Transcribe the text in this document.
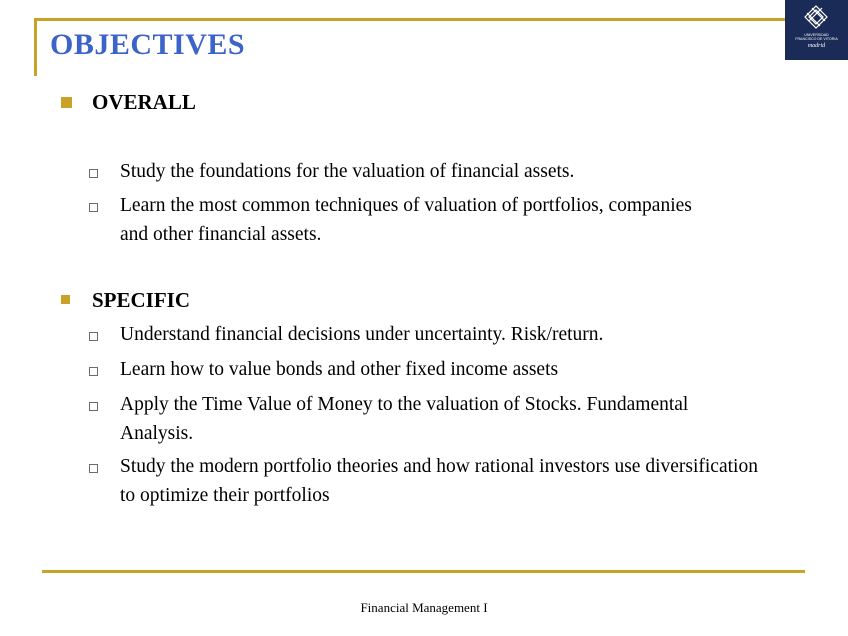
OBJECTIVES	UNIVERSIDAD
FRANCISCO DE VITORIA
madrid
OVERALL
Study the foundations for the valuation of financial assets.
Learn the most common techniques of valuation of portfolios, companies and other financial assets.
SPECIFIC
Understand financial decisions under uncertainty. Risk/return.
Learn how to value bonds and other fixed income assets
Apply the Time Value of Money to the valuation of Stocks. Fundamental Analysis.
Study the modern portfolio theories and how rational investors use diversification to optimize their portfolios
Financial Management I
